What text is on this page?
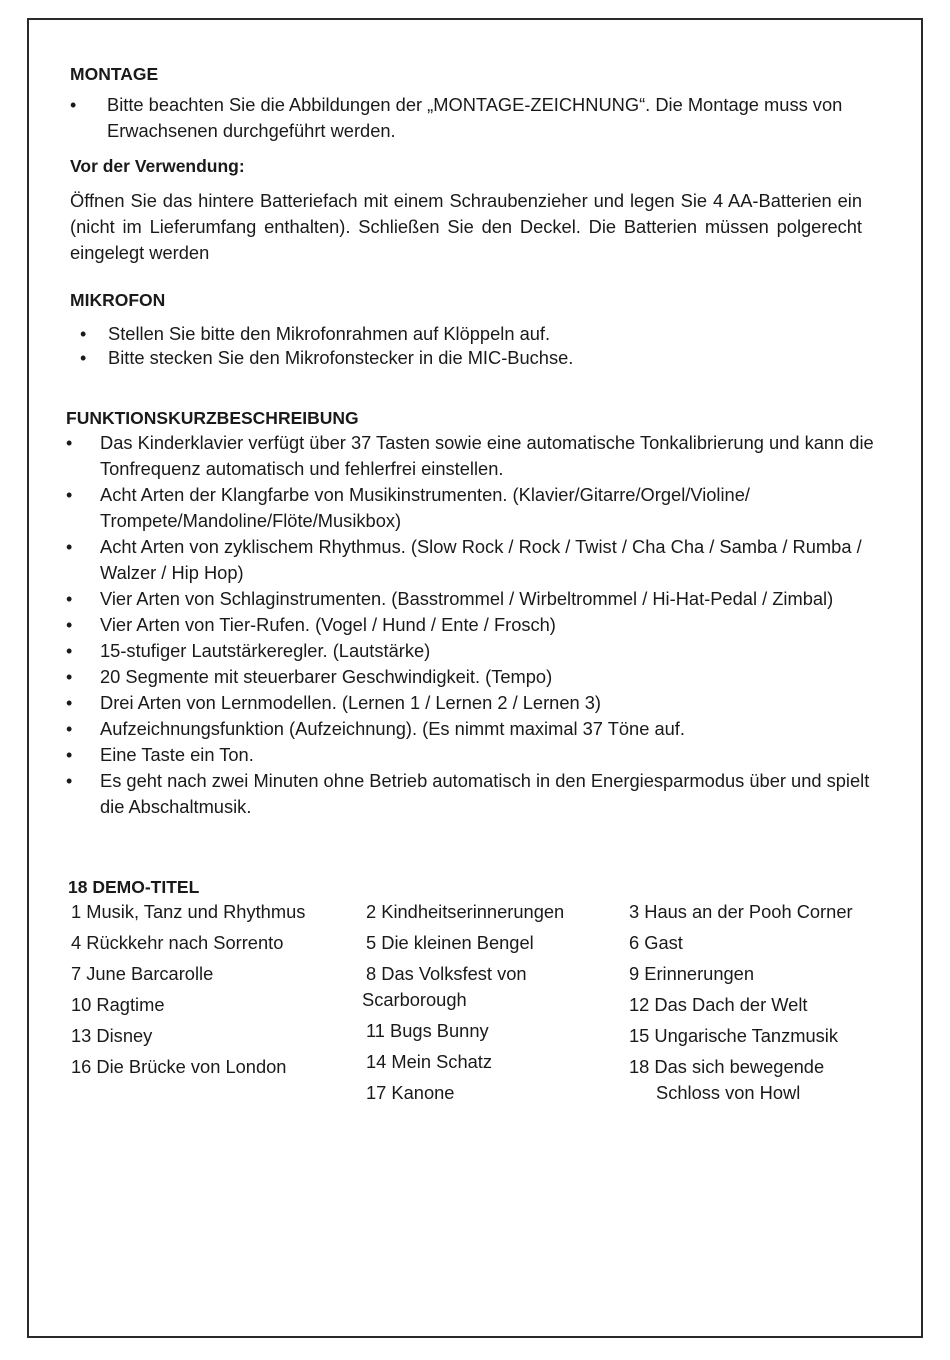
MONTAGE
• Bitte beachten Sie die Abbildungen der „MONTAGE-ZEICHNUNG“. Die Montage muss von Erwachsenen durchgeführt werden.
Vor der Verwendung:

Öffnen Sie das hintere Batteriefach mit einem Schraubenzieher und legen Sie 4 AA-Batterien ein (nicht im Lieferumfang enthalten). Schließen Sie den Deckel. Die Batterien müssen polgerecht eingelegt werden

MIKROFON
• Stellen Sie bitte den Mikrofonrahmen auf Klöppeln auf.
• Bitte stecken Sie den Mikrofonstecker in die MIC-Buchse.
FUNKTIONSKURZBESCHREIBUNG
• Das Kinderklavier verfügt über 37 Tasten sowie eine automatische Tonkalibrierung und kann die Tonfrequenz automatisch und fehlerfrei einstellen.
• Acht Arten der Klangfarbe von Musikinstrumenten. (Klavier/Gitarre/Orgel/Violine/ Trompete/Mandoline/Flöte/Musikbox)
• Acht Arten von zyklischem Rhythmus. (Slow Rock / Rock / Twist / Cha Cha / Samba / Rumba / Walzer / Hip Hop)
• Vier Arten von Schlaginstrumenten. (Basstrommel / Wirbeltrommel / Hi-Hat-Pedal / Zimbal)
• Vier Arten von Tier-Rufen. (Vogel / Hund / Ente / Frosch)
• 15-stufiger Lautstärkeregler. (Lautstärke)
• 20 Segmente mit steuerbarer Geschwindigkeit. (Tempo)
• Drei Arten von Lernmodellen. (Lernen 1 / Lernen 2 / Lernen 3)
• Aufzeichnungsfunktion (Aufzeichnung). (Es nimmt maximal 37 Töne auf.
• Eine Taste ein Ton.
• Es geht nach zwei Minuten ohne Betrieb automatisch in den Energiesparmodus über und spielt die Abschaltmusik.
18 DEMO-TITEL
1 Musik, Tanz und Rhythmus
4 Rückkehr nach Sorrento
7 June Barcarolle
10 Ragtime
13 Disney
16 Die Brücke von London
2 Kindheitserinnerungen
5 Die kleinen Bengel
8 Das Volksfest von
Scarborough
11 Bugs Bunny
14 Mein Schatz
17 Kanone
3 Haus an der Pooh Corner
6 Gast
9 Erinnerungen
12 Das Dach der Welt
15 Ungarische Tanzmusik
18 Das sich bewegende
Schloss von Howl
